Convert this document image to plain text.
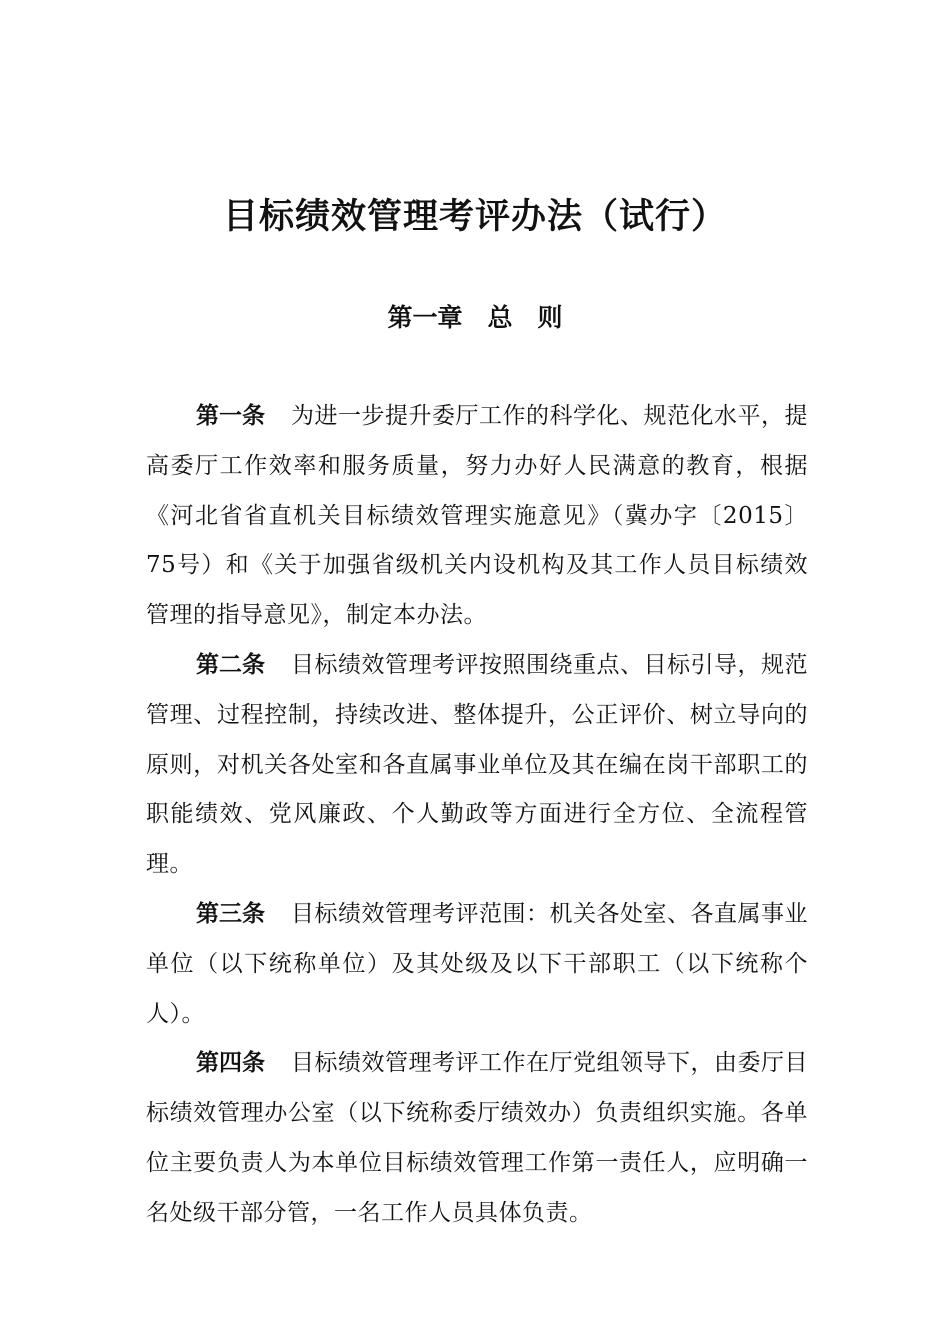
目标绩效管理考评办法（试行）
第一章　总　则

第一条 为进一步提升委厅工作的科学化、规范化水平，提高委厅工作效率和服务质量，努力办好人民满意的教育，根据《河北省省直机关目标绩效管理实施意见》（冀办字〔2015〕75号）和《关于加强省级机关内设机构及其工作人员目标绩效管理的指导意见》，制定本办法。

第二条 目标绩效管理考评按照围绕重点、目标引导，规范管理、过程控制，持续改进、整体提升，公正评价、树立导向的原则，对机关各处室和各直属事业单位及其在编在岗干部职工的职能绩效、党风廉政、个人勤政等方面进行全方位、全流程管理。

第三条 目标绩效管理考评范围：机关各处室、各直属事业单位（以下统称单位）及其处级及以下干部职工（以下统称个人）。

第四条 目标绩效管理考评工作在厅党组领导下，由委厅目标绩效管理办公室（以下统称委厅绩效办）负责组织实施。各单位主要负责人为本单位目标绩效管理工作第一责任人，应明确一名处级干部分管，一名工作人员具体负责。
